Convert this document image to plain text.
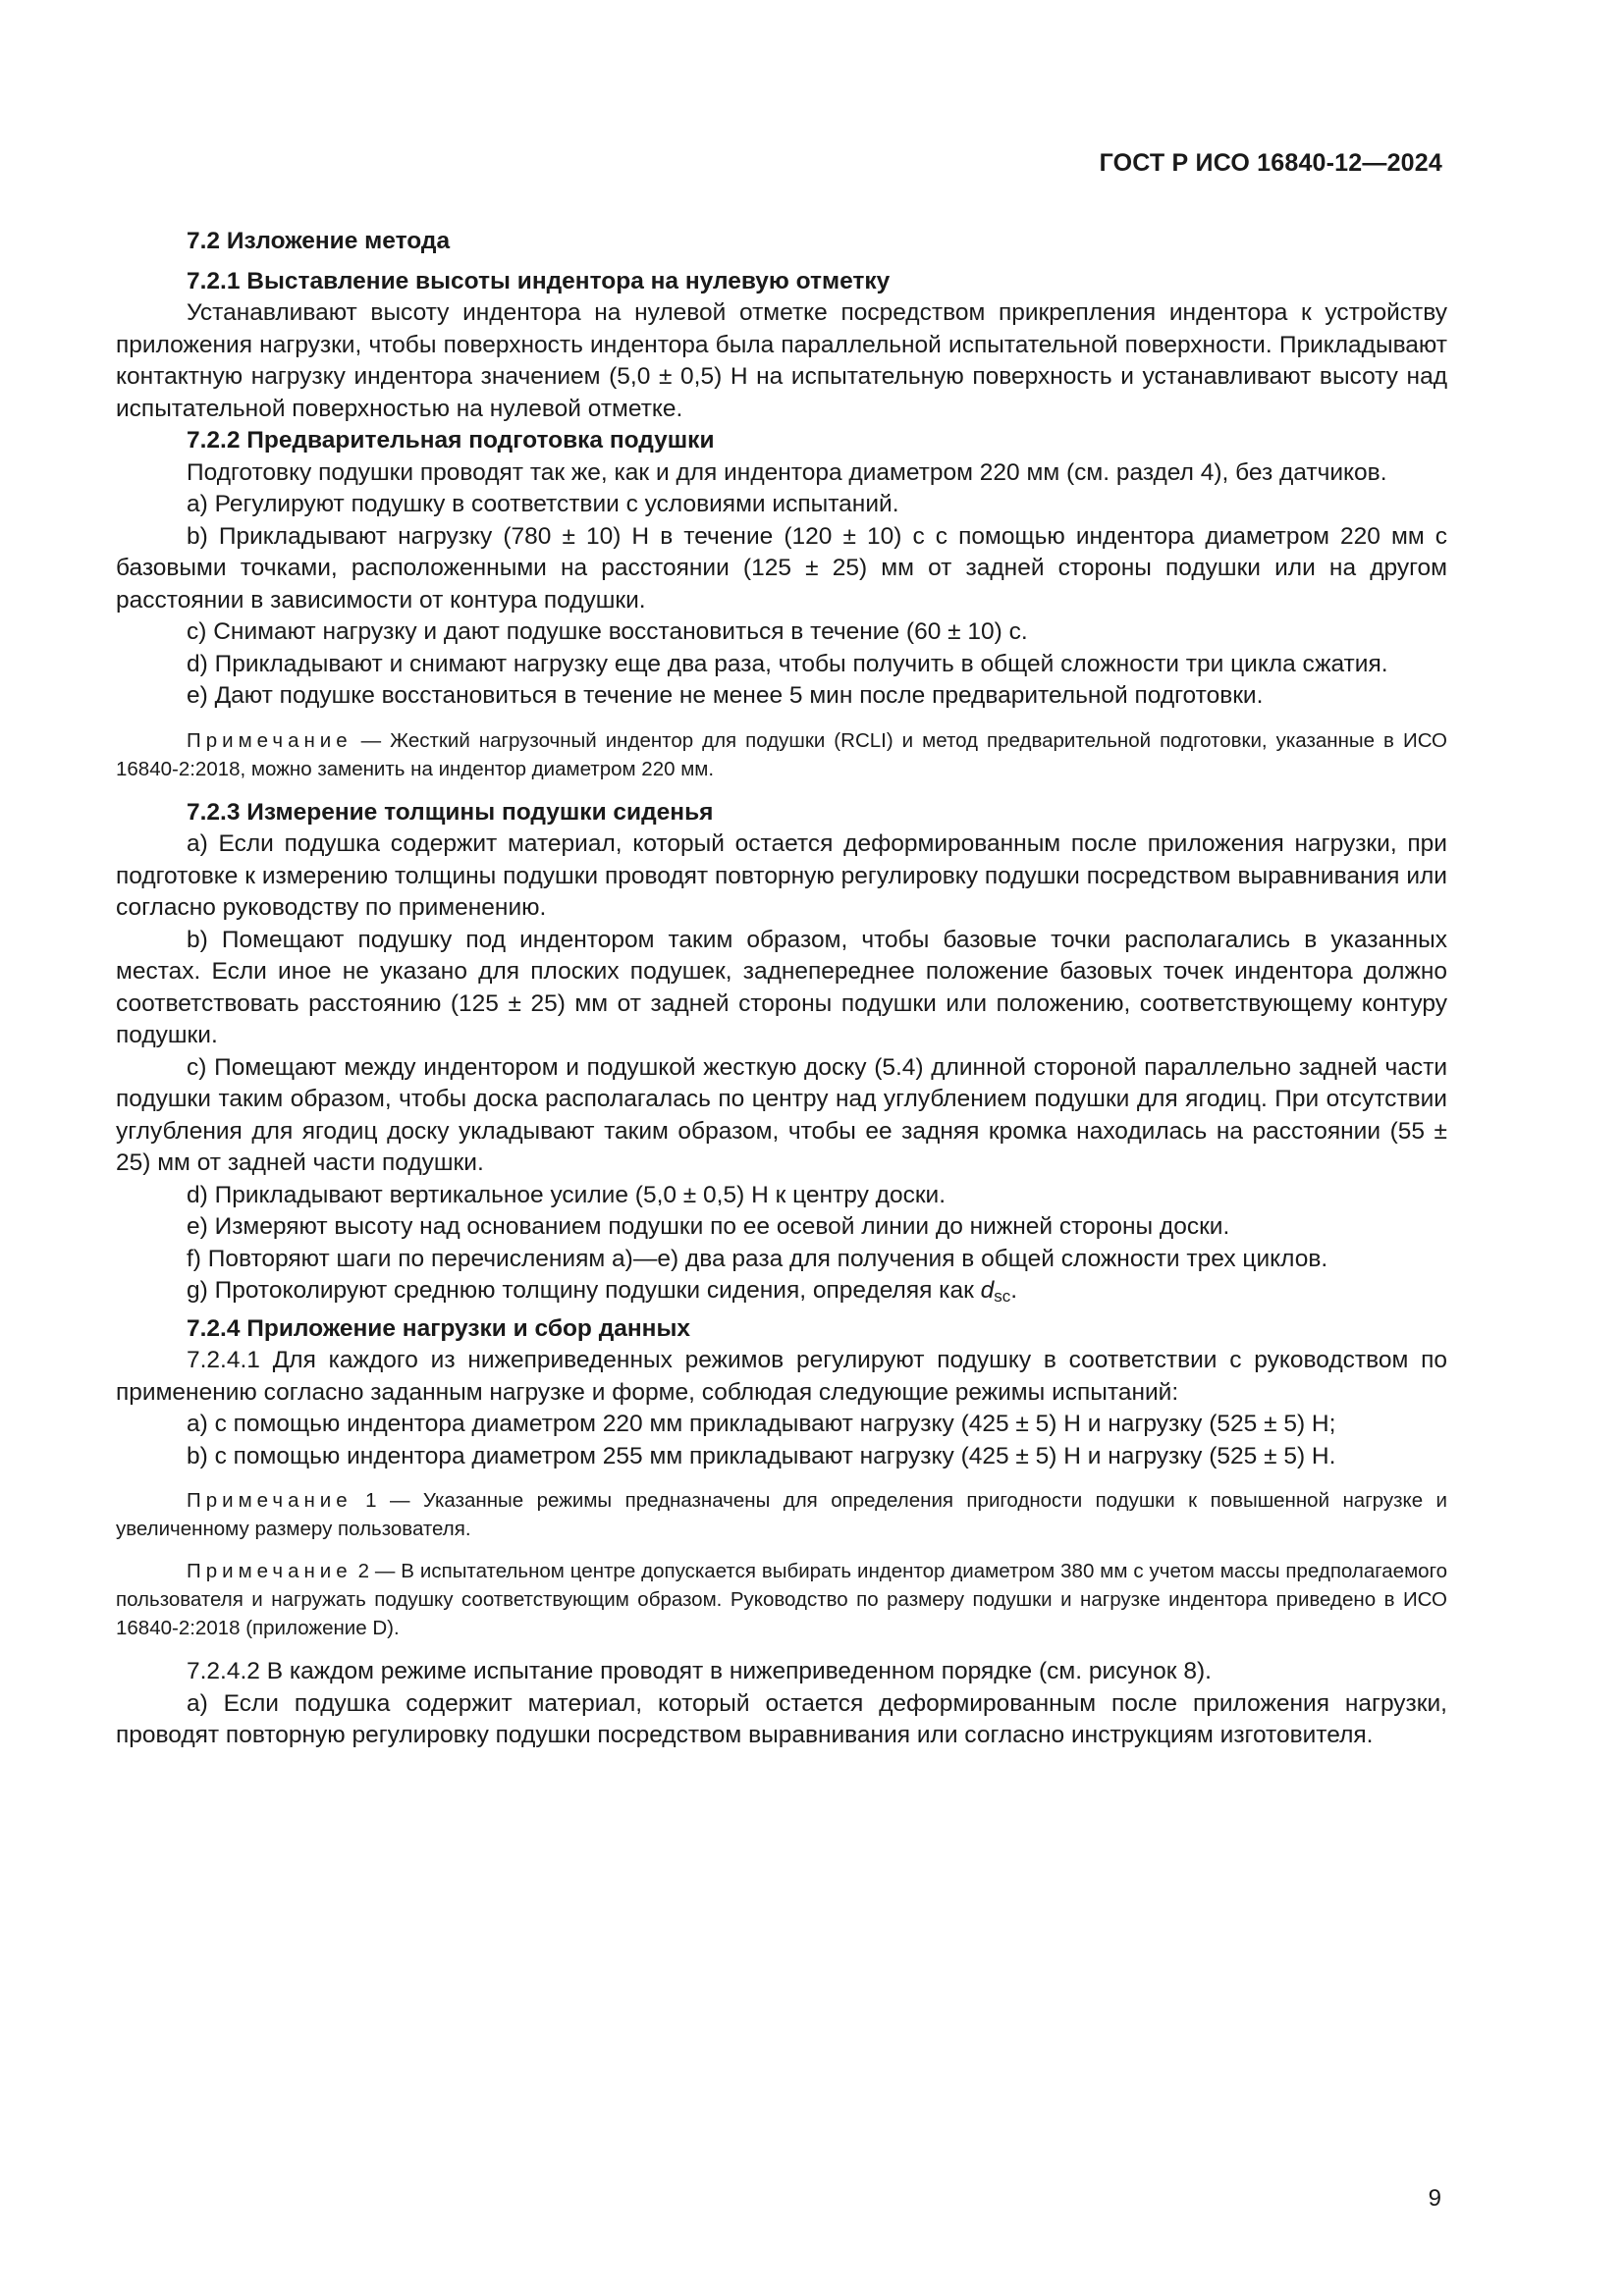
ГОСТ Р ИСО 16840-12—2024

7.2 Изложение метода

7.2.1 Выставление высоты индентора на нулевую отметку

Устанавливают высоту индентора на нулевой отметке посредством прикрепления индентора к устройству приложения нагрузки, чтобы поверхность индентора была параллельной испытательной поверхности. Прикладывают контактную нагрузку индентора значением (5,0 ± 0,5) Н на испытательную поверхность и устанавливают высоту над испытательной поверхностью на нулевой отметке.

7.2.2 Предварительная подготовка подушки

Подготовку подушки проводят так же, как и для индентора диаметром 220 мм (см. раздел 4), без датчиков.

a) Регулируют подушку в соответствии с условиями испытаний.

b) Прикладывают нагрузку (780 ± 10) Н в течение (120 ± 10) с с помощью индентора диаметром 220 мм с базовыми точками, расположенными на расстоянии (125 ± 25) мм от задней стороны подушки или на другом расстоянии в зависимости от контура подушки.

c) Снимают нагрузку и дают подушке восстановиться в течение (60 ± 10) с.

d) Прикладывают и снимают нагрузку еще два раза, чтобы получить в общей сложности три цикла сжатия.

e) Дают подушке восстановиться в течение не менее 5 мин после предварительной подготовки.

Примечание — Жесткий нагрузочный индентор для подушки (RCLI) и метод предварительной подготовки, указанные в ИСО 16840-2:2018, можно заменить на индентор диаметром 220 мм.

7.2.3 Измерение толщины подушки сиденья

a) Если подушка содержит материал, который остается деформированным после приложения нагрузки, при подготовке к измерению толщины подушки проводят повторную регулировку подушки посредством выравнивания или согласно руководству по применению.

b) Помещают подушку под индентором таким образом, чтобы базовые точки располагались в указанных местах. Если иное не указано для плоских подушек, заднепереднее положение базовых точек индентора должно соответствовать расстоянию (125 ± 25) мм от задней стороны подушки или положению, соответствующему контуру подушки.

c) Помещают между индентором и подушкой жесткую доску (5.4) длинной стороной параллельно задней части подушки таким образом, чтобы доска располагалась по центру над углублением подушки для ягодиц. При отсутствии углубления для ягодиц доску укладывают таким образом, чтобы ее задняя кромка находилась на расстоянии (55 ± 25) мм от задней части подушки.

d) Прикладывают вертикальное усилие (5,0 ± 0,5) Н к центру доски.

e) Измеряют высоту над основанием подушки по ее осевой линии до нижней стороны доски.

f) Повторяют шаги по перечислениям а)—е) два раза для получения в общей сложности трех циклов.

g) Протоколируют среднюю толщину подушки сидения, определяя как $d_{sc}$.

7.2.4 Приложение нагрузки и сбор данных

7.2.4.1 Для каждого из нижеприведенных режимов регулируют подушку в соответствии с руководством по применению согласно заданным нагрузке и форме, соблюдая следующие режимы испытаний:

a) с помощью индентора диаметром 220 мм прикладывают нагрузку (425 ± 5) Н и нагрузку (525 ± 5) Н;

b) с помощью индентора диаметром 255 мм прикладывают нагрузку (425 ± 5) Н и нагрузку (525 ± 5) Н.

Примечание 1 — Указанные режимы предназначены для определения пригодности подушки к повышенной нагрузке и увеличенному размеру пользователя.

Примечание 2 — В испытательном центре допускается выбирать индентор диаметром 380 мм с учетом массы предполагаемого пользователя и нагружать подушку соответствующим образом. Руководство по размеру подушки и нагрузке индентора приведено в ИСО 16840-2:2018 (приложение D).

7.2.4.2 В каждом режиме испытание проводят в нижеприведенном порядке (см. рисунок 8).

а) Если подушка содержит материал, который остается деформированным после приложения нагрузки, проводят повторную регулировку подушки посредством выравнивания или согласно инструкциям изготовителя.

9
